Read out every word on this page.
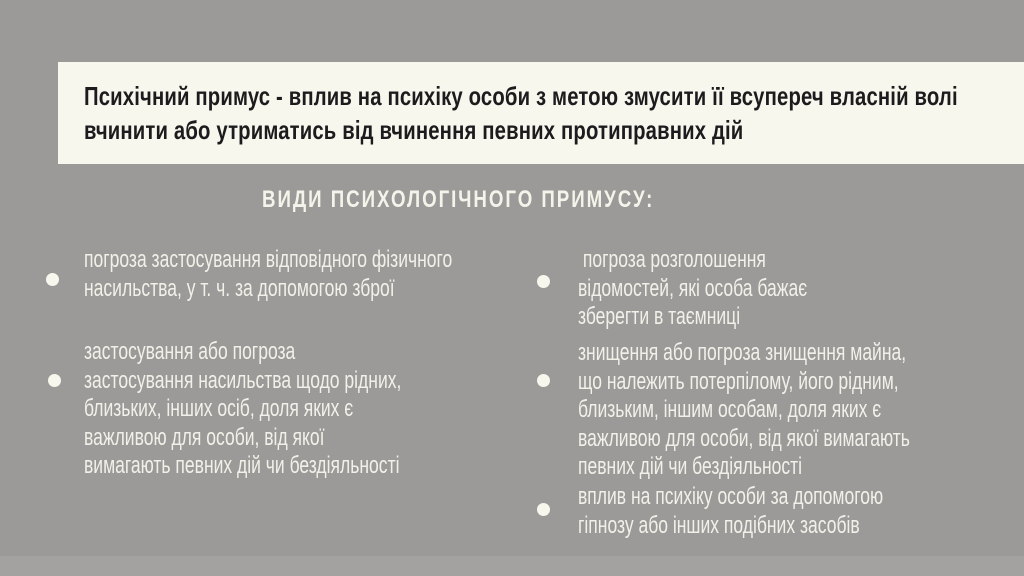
Психічний примус - вплив на психіку особи з метою змусити її всупереч власній волі
вчинити або утриматись від вчинення певних протиправних дій
ВИДИ ПСИХОЛОГІЧНОГО ПРИМУСУ:
погроза застосування відповідного фізичного
насильства, у т. ч. за допомогою зброї
застосування або погроза
застосування насильства щодо рідних,
близьких, інших осіб, доля яких є
важливою для особи, від якої
вимагають певних дій чи бездіяльності
погроза розголошення
відомостей, які особа бажає
зберегти в таємниці
знищення або погроза знищення майна,
що належить потерпілому, його рідним,
близьким, іншим особам, доля яких є
важливою для особи, від якої вимагають
певних дій чи бездіяльності
вплив на психіку особи за допомогою
гіпнозу або інших подібних засобів
